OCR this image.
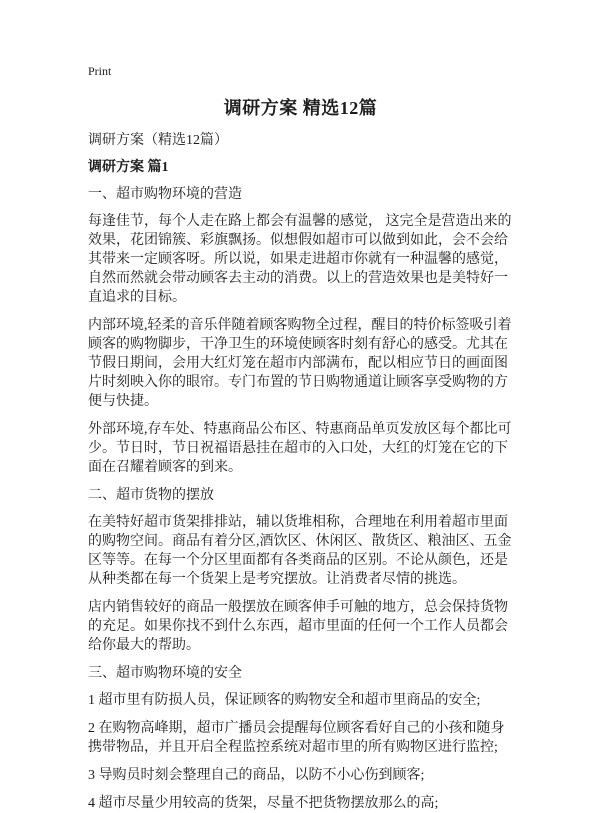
Print
调研方案 精选12篇

调研方案（精选12篇）

调研方案 篇1

一、超市购物环境的营造

每逢佳节，每个人走在路上都会有温馨的感觉， 这完全是营造出来的效果，花团锦簇、彩旗飘扬。似想假如超市可以做到如此，会不会给其带来一定顾客呀。所以说，如果走进超市你就有一种温馨的感觉，自然而然就会带动顾客去主动的消费。以上的营造效果也是美特好一直追求的目标。

内部环境,轻柔的音乐伴随着顾客购物全过程，醒目的特价标签吸引着顾客的购物脚步，干净卫生的环境使顾客时刻有舒心的感受。尤其在节假日期间，会用大红灯笼在超市内部满布，配以相应节日的画面图片时刻映入你的眼帘。专门布置的节日购物通道让顾客享受购物的方便与快捷。

外部环境,存车处、特惠商品公布区、特惠商品单页发放区每个都比可少。节日时，节日祝福语悬挂在超市的入口处，大红的灯笼在它的下面在召耀着顾客的到来。

二、超市货物的摆放

在美特好超市货架排排站，辅以货堆相称，合理地在利用着超市里面的购物空间。商品有着分区,酒饮区、休闲区、散货区、粮油区、五金区等等。在每一个分区里面都有各类商品的区别。不论从颜色，还是从种类都在每一个货架上是考究摆放。让消费者尽情的挑选。

店内销售较好的商品一般摆放在顾客伸手可触的地方，总会保持货物的充足。如果你找不到什么东西，超市里面的任何一个工作人员都会给你最大的帮助。

三、超市购物环境的安全

1 超市里有防损人员，保证顾客的购物安全和超市里商品的安全;

2 在购物高峰期，超市广播员会提醒每位顾客看好自己的小孩和随身携带物品，并且开启全程监控系统对超市里的所有购物区进行监控;

3 导购员时刻会整理自己的商品，以防不小心伤到顾客;

4 超市尽量少用较高的货架，尽量不把货物摆放那么的高;
